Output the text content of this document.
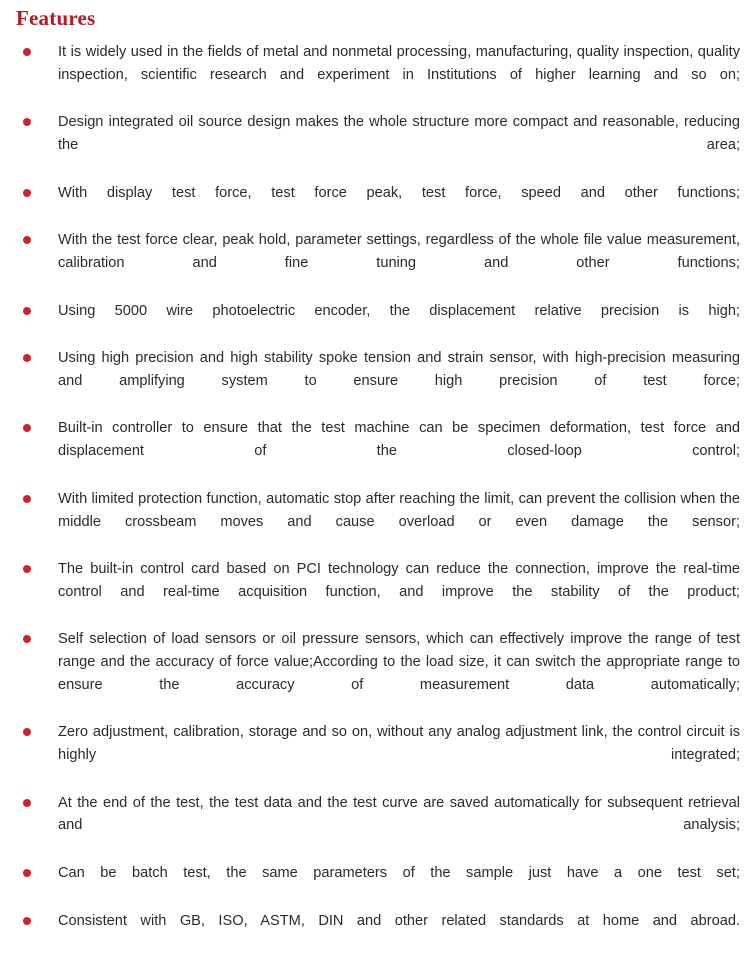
Features
It is widely used in the fields of metal and nonmetal processing, manufacturing, quality inspection, quality inspection, scientific research and experiment in Institutions of higher learning and so on;
Design integrated oil source design makes the whole structure more compact and reasonable, reducing the area;
With display test force, test force peak, test force, speed and other functions;
With the test force clear, peak hold, parameter settings, regardless of the whole file value measurement, calibration and fine tuning and other functions;
Using 5000 wire photoelectric encoder, the displacement relative precision is high;
Using high precision and high stability spoke tension and strain sensor, with high-precision measuring and amplifying system to ensure high precision of test force;
Built-in controller to ensure that the test machine can be specimen deformation, test force and displacement of the closed-loop control;
With limited protection function, automatic stop after reaching the limit, can prevent the collision when the middle crossbeam moves and cause overload or even damage the sensor;
The built-in control card based on PCI technology can reduce the connection, improve the real-time control and real-time acquisition function, and improve the stability of the product;
Self selection of load sensors or oil pressure sensors, which can effectively improve the range of test range and the accuracy of force value;According to the load size, it can switch the appropriate range to ensure the accuracy of measurement data automatically;
Zero adjustment, calibration, storage and so on, without any analog adjustment link, the control circuit is highly integrated;
At the end of the test, the test data and the test curve are saved automatically for subsequent retrieval and analysis;
Can be batch test, the same parameters of the sample just have a one test set;
Consistent with GB, ISO, ASTM, DIN and other related standards at home and abroad.
